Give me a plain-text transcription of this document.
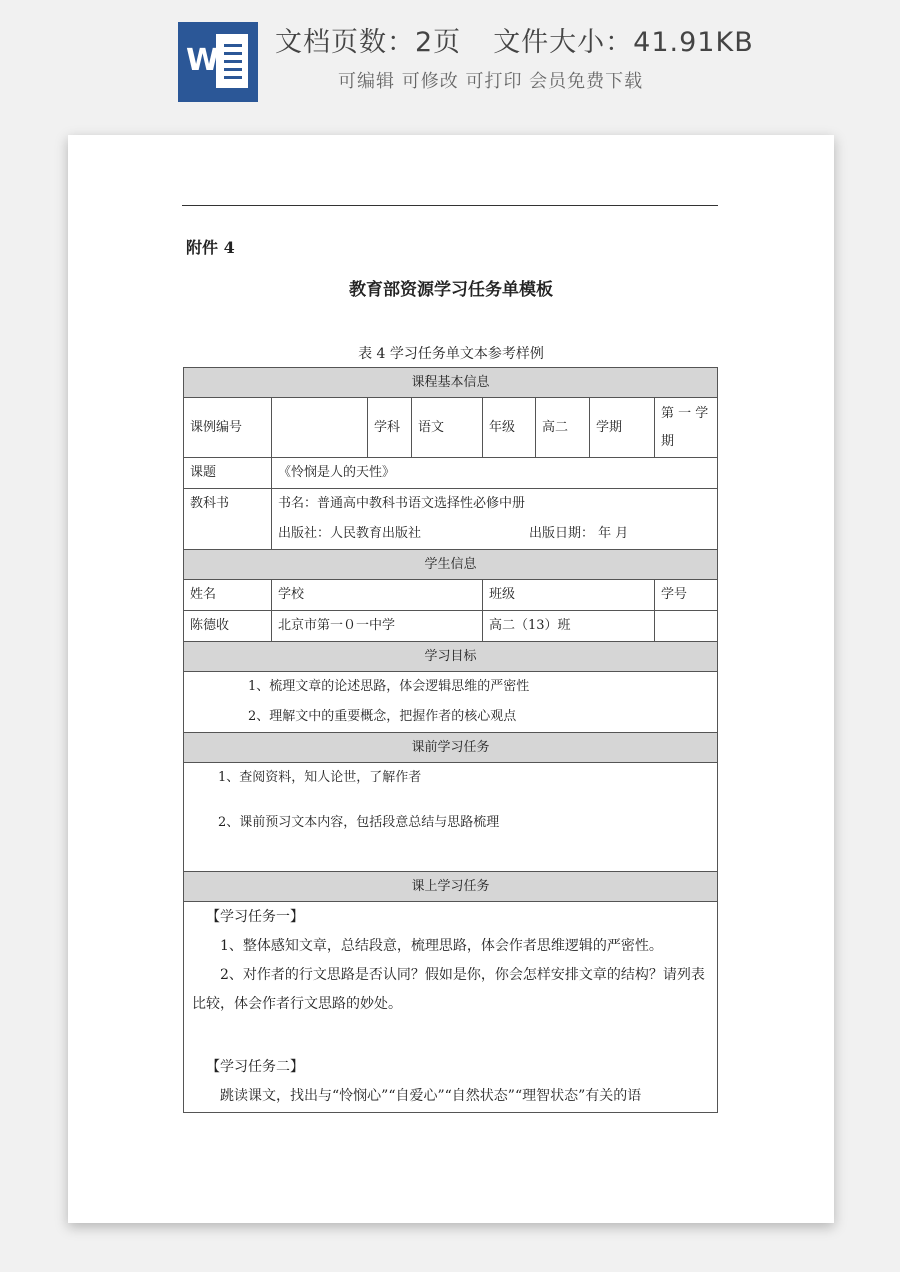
W
文档页数：2页 文件大小：41.91KB
可编辑 可修改 可打印 会员免费下载
附件 4
教育部资源学习任务单模板
表 4 学习任务单文本参考样例
课程基本信息							
课例编号		学科	语文	年级	高二	学期	第 一 学期
课题	《怜悯是人的天性》						
教科书	书名：普通高中教科书语文选择性必修中册
出版社：人民教育出版社 出版日期： 年 月						

学生信息							
姓名	学校			班级			学号
陈德收	北京市第一０一中学			高二（13）班			
学习目标							

1、梳理文章的论述思路，体会逻辑思维的严密性
2、理解文中的重要概念，把握作者的核心观点							

课前学习任务							

1、查阅资料，知人论世，了解作者
2、课前预习文本内容，包括段意总结与思路梳理							

课上学习任务							

【学习任务一】

1、整体感知文章，总结段意，梳理思路，体会作者思维逻辑的严密性。

2、对作者的行文思路是否认同？假如是你，你会怎样安排文章的结构？请列表比较，体会作者行文思路的妙处。

【学习任务二】

跳读课文，找出与“怜悯心”“自爱心”“自然状态”“理智状态”有关的语							
